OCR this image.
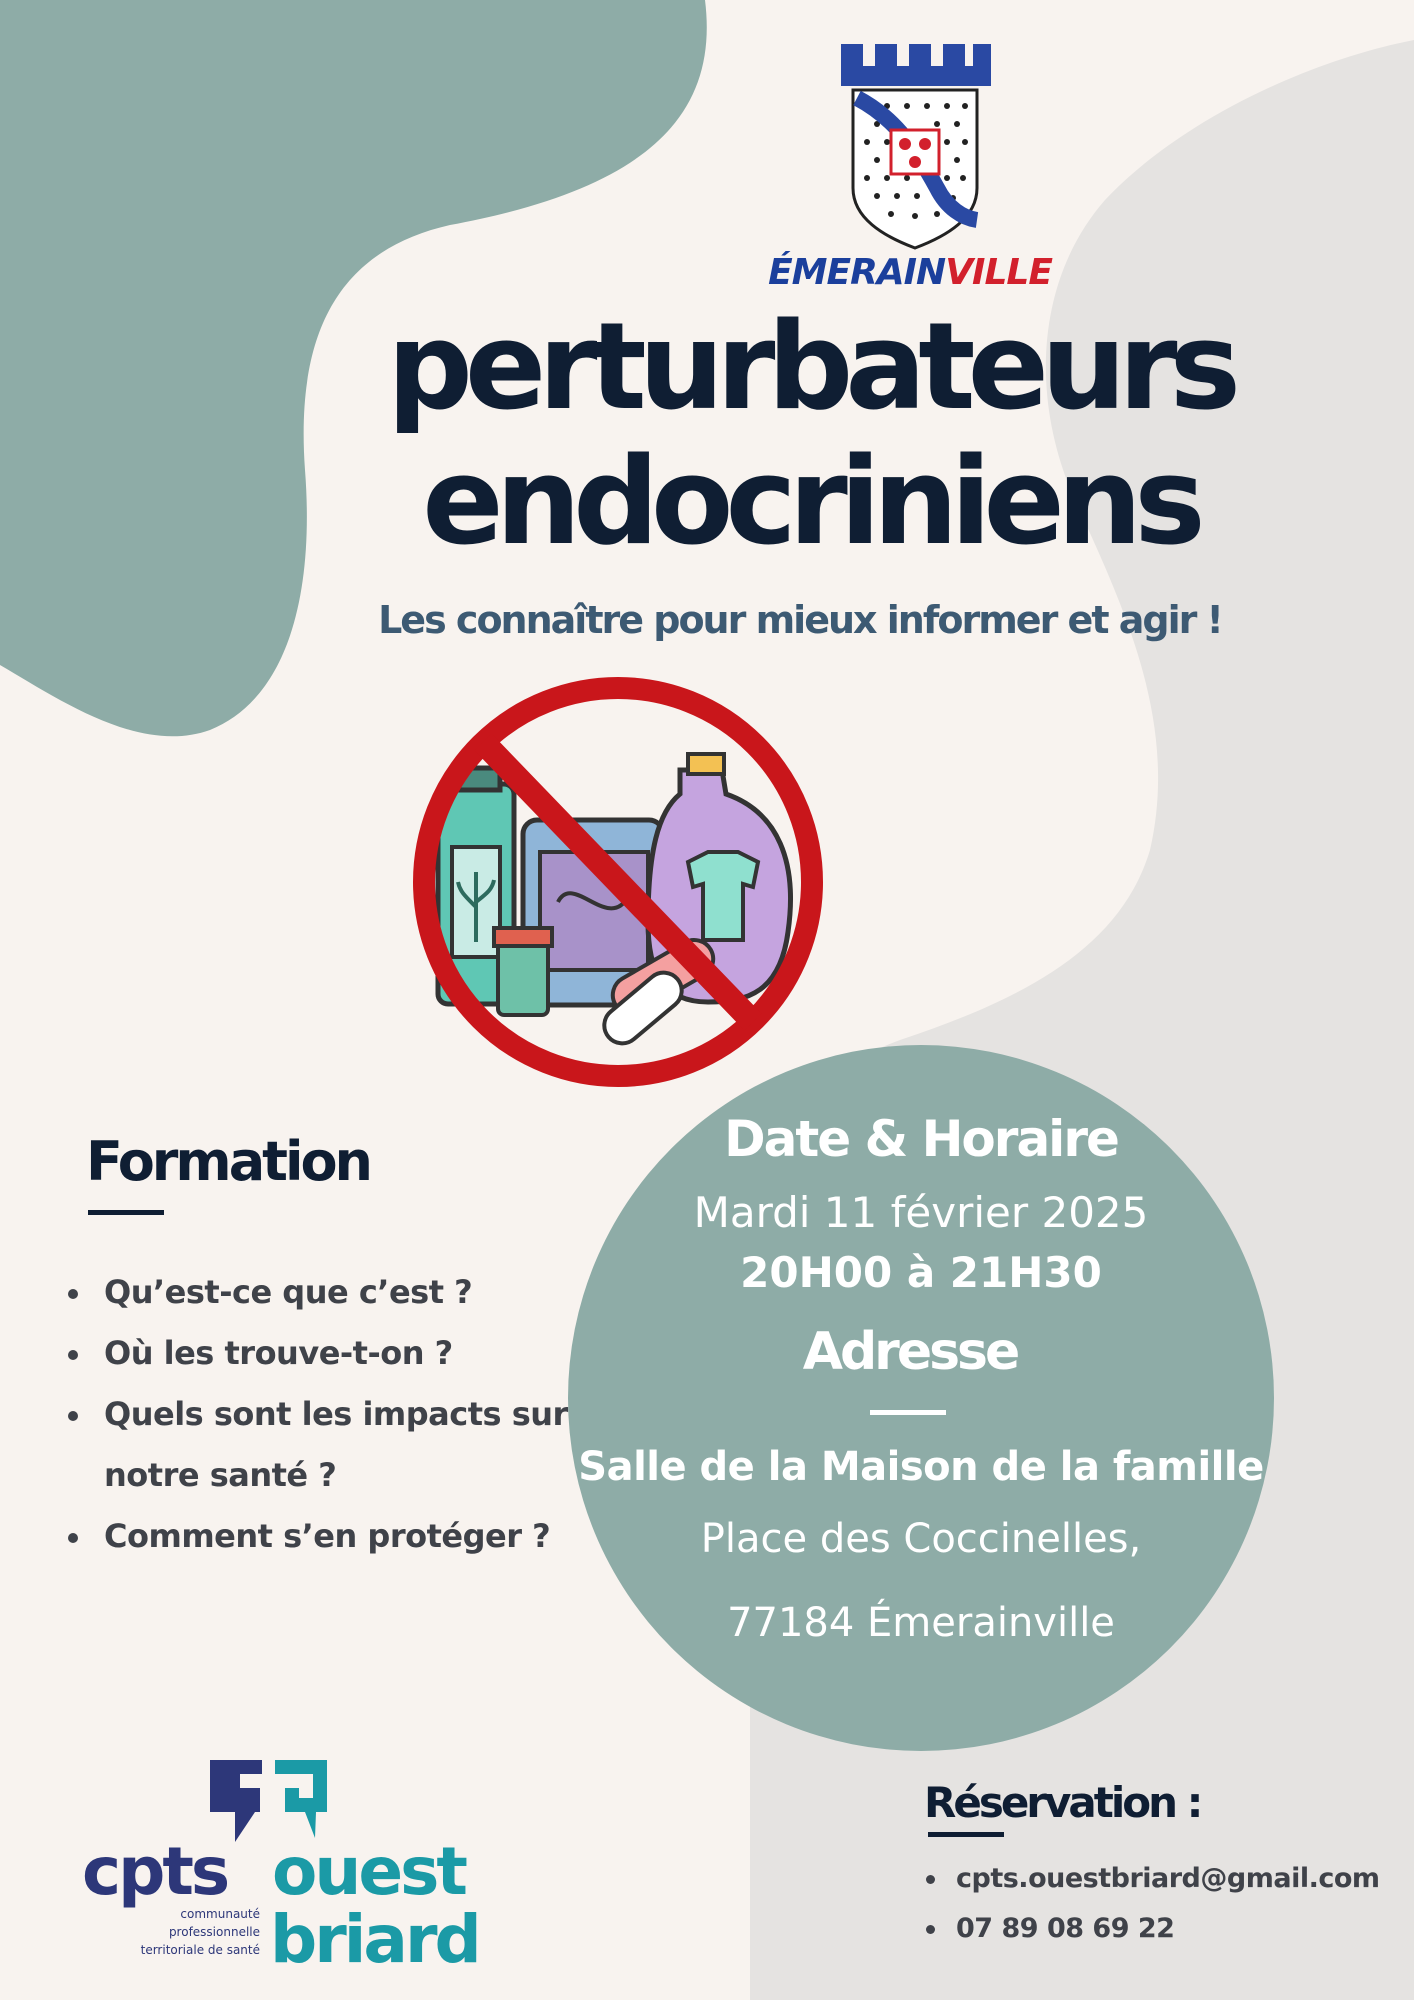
ÉMERAINVILLE
perturbateurs
endocriniens
Les connaître pour mieux informer et agir !
Formation
Qu’est-ce que c’est ?
Où les trouve-t-on ?
Quels sont les impacts sur notre santé ?
Comment s’en protéger ?
Date & Horaire
Mardi 11 février 2025
20H00 à 21H30
Adresse
Salle de la Maison de la famille
Place des Coccinelles,
77184 Émerainville
cpts ouest
briard
communauté
professionnelle
territoriale de santé
Réservation :
cpts.ouestbriard@gmail.com
07 89 08 69 22
